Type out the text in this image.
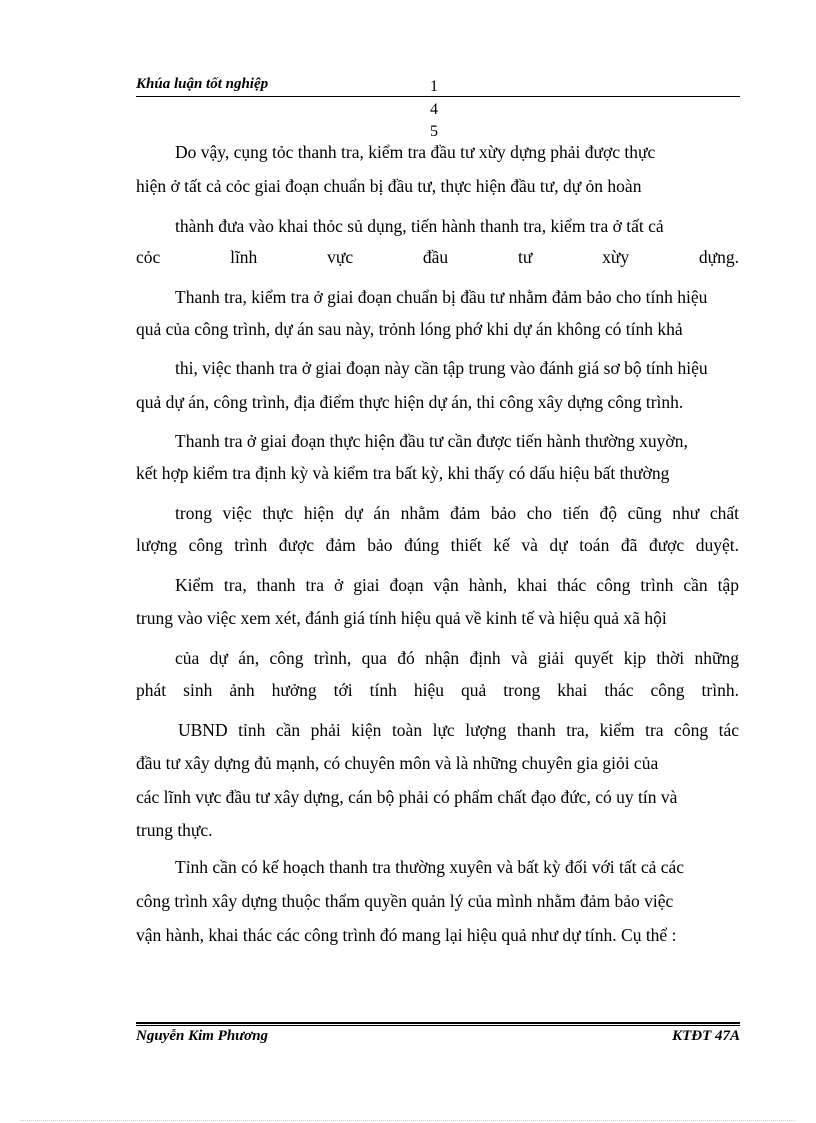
Khúa luận tốt nghiệp	1
4
5
Do vậy, cụng tỏc thanh tra, kiểm tra đầu tư xừy dựng phải được thực
hiện ở tất cả cỏc giai đoạn chuẩn bị đầu tư, thực hiện đầu tư, dự ỏn hoàn
thành đưa vào khai thỏc sủ dụng, tiến hành thanh tra, kiểm tra ở tất cả
cỏc lĩnh vực đầu tư xừy dựng.
Thanh tra, kiểm tra ở giai đoạn chuẩn bị đầu tư nhằm đảm bảo cho tính hiệu
quả của công trình, dự án sau này, trỏnh lóng phớ khi dự án không có tính khả
thi, việc thanh tra ở giai đoạn này cần tập trung vào đánh giá sơ bộ tính hiệu
quả dự án, công trình, địa điểm thực hiện dự án, thi công xây dựng công trình.
Thanh tra ở giai đoạn thực hiện đầu tư cần được tiến hành thường xuyờn,
kết hợp kiểm tra định kỳ và kiểm tra bất kỳ, khi thấy có dấu hiệu bất thường
trong việc thực hiện dự án nhằm đảm bảo cho tiến độ cũng như chất
lượng công trình được đảm bảo đúng thiết kế và dự toán đã được duyệt.
Kiểm tra, thanh tra ở giai đoạn vận hành, khai thác công trình cần tập
trung vào việc xem xét, đánh giá tính hiệu quả về kinh tế và hiệu quả xã hội
của dự án, công trình, qua đó nhận định và giải quyết kịp thời những
phát sinh ảnh hưởng tới tính hiệu quả trong khai thác công trình.
UBND tỉnh cần phải kiện toàn lực lượng thanh tra, kiểm tra công tác
đầu tư xây dựng đủ mạnh, có chuyên môn và là những chuyên gia giỏi của
các lĩnh vực đầu tư xây dựng, cán bộ phải có phẩm chất đạo đức, có uy tín và
trung thực.
Tỉnh cần có kế hoạch thanh tra thường xuyên và bất kỳ đối với tất cả các
công trình xây dựng thuộc thẩm quyền quản lý của mình nhằm đảm bảo việc
vận hành, khai thác các công trình đó mang lại hiệu quả như dự tính. Cụ thể :
Nguyễn Kim Phương	KTĐT 47A
